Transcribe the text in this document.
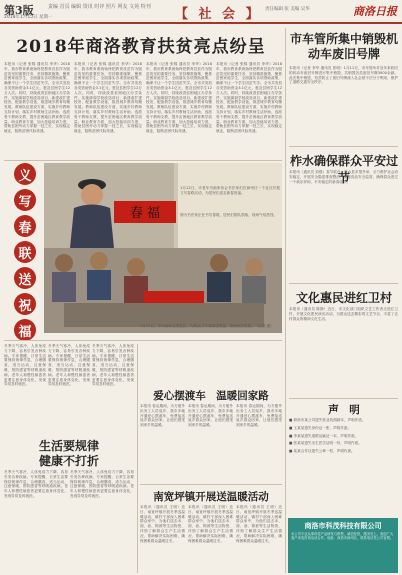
第3版	责编 首页 编辑 资讯 时评 照片 网友 文苑 特刊
2018年1月15日 星期一	【 社 会 】 责任编辑 张 美编 吴华	商洛日报
2018年商洛教育扶贫亮点纷呈
本报讯（记者 张锦 通讯员 李华）2018年，我市教育系统始终把教育扶贫作为脱贫攻坚的重要任务，坚持精准施策，聚焦贫困家庭学生，全面落实各项资助政策，确保不让一个学生因贫失学。全市共发放各类资助资金3.1亿元，惠及贫困学生12万人次。同时，持续改善贫困地区办学条件，实施薄弱学校改造项目，新建改扩建校舍，配备教学设备，推进城乡教育均衡发展。教师队伍建设方面，实施乡村教师支持计划，落实乡村教师生活补助，选派骨干教师支教，提升贫困地区教育教学质量。职业教育方面，加大技能培训力度，帮助贫困劳动力掌握一技之长，实现稳定就业，阻断贫困代际传递。
本报讯（记者 张锦 通讯员 李华）2018年，我市教育系统始终把教育扶贫作为脱贫攻坚的重要任务，坚持精准施策，聚焦贫困家庭学生，全面落实各项资助政策，确保不让一个学生因贫失学。全市共发放各类资助资金3.1亿元，惠及贫困学生12万人次。同时，持续改善贫困地区办学条件，实施薄弱学校改造项目，新建改扩建校舍，配备教学设备，推进城乡教育均衡发展。教师队伍建设方面，实施乡村教师支持计划，落实乡村教师生活补助，选派骨干教师支教，提升贫困地区教育教学质量。职业教育方面，加大技能培训力度，帮助贫困劳动力掌握一技之长，实现稳定就业，阻断贫困代际传递。
本报讯（记者 张锦 通讯员 李华）2018年，我市教育系统始终把教育扶贫作为脱贫攻坚的重要任务，坚持精准施策，聚焦贫困家庭学生，全面落实各项资助政策，确保不让一个学生因贫失学。全市共发放各类资助资金3.1亿元，惠及贫困学生12万人次。同时，持续改善贫困地区办学条件，实施薄弱学校改造项目，新建改扩建校舍，配备教学设备，推进城乡教育均衡发展。教师队伍建设方面，实施乡村教师支持计划，落实乡村教师生活补助，选派骨干教师支教，提升贫困地区教育教学质量。职业教育方面，加大技能培训力度，帮助贫困劳动力掌握一技之长，实现稳定就业，阻断贫困代际传递。
本报讯（记者 张锦 通讯员 李华）2018年，我市教育系统始终把教育扶贫作为脱贫攻坚的重要任务，坚持精准施策，聚焦贫困家庭学生，全面落实各项资助政策，确保不让一个学生因贫失学。全市共发放各类资助资金3.1亿元，惠及贫困学生12万人次。同时，持续改善贫困地区办学条件，实施薄弱学校改造项目，新建改扩建校舍，配备教学设备，推进城乡教育均衡发展。教师队伍建设方面，实施乡村教师支持计划，落实乡村教师生活补助，选派骨干教师支教，提升贫困地区教育教学质量。职业教育方面，加大技能培训力度，帮助贫困劳动力掌握一技之长，实现稳定就业，阻断贫困代际传递。
义
写
春
联
送
祝
福
春 福
1月12日，市老年书画家协会书法家们在商州区一个社区开展义写春联活动，为居民们送去新春祝福。
图为书法家正在书写春联，居民们排队领取，现场气氛热烈。
1月13日，市书画家走进社区，为群众义写春联送祝福，受到热烈欢迎。（记者 摄）
冬季天气寒冷，人体免疫力下降，容易引发各种疾病。专家提醒，日常生活要保持规律作息，合理膳食，适当运动，注意保暖，预防感冒等呼吸道疾病。老年人和慢性病患者更要注意身体变化，发现异常及时就医。
冬季天气寒冷，人体免疫力下降，容易引发各种疾病。专家提醒，日常生活要保持规律作息，合理膳食，适当运动，注意保暖，预防感冒等呼吸道疾病。老年人和慢性病患者更要注意身体变化，发现异常及时就医。
冬季天气寒冷，人体免疫力下降，容易引发各种疾病。专家提醒，日常生活要保持规律作息，合理膳食，适当运动，注意保暖，预防感冒等呼吸道疾病。老年人和慢性病患者更要注意身体变化，发现异常及时就医。
生活要规律
健康不打折
冬季天气寒冷，人体免疫力下降，容易引发各种疾病。专家提醒，日常生活要保持规律作息，合理膳食，适当运动，注意保暖，预防感冒等呼吸道疾病。老年人和慢性病患者更要注意身体变化，发现异常及时就医。
冬季天气寒冷，人体免疫力下降，容易引发各种疾病。专家提醒，日常生活要保持规律作息，合理膳食，适当运动，注意保暖，预防感冒等呼吸道疾病。老年人和慢性病患者更要注意身体变化，发现异常及时就医。
爱心摆渡车　温暖回家路
本报讯 春运期间，为方便外出务工人员返乡，我市多地开通爱心摆渡车，免费接送返乡群众回家，让他们感受到家乡的温暖。
本报讯 春运期间，为方便外出务工人员返乡，我市多地开通爱心摆渡车，免费接送返乡群众回家，让他们感受到家乡的温暖。
本报讯 春运期间，为方便外出务工人员返乡，我市多地开通爱心摆渡车，免费接送返乡群众回家，让他们感受到家乡的温暖。
南宽坪镇开展送温暖活动
本报讯（通讯员 王明）近日，南宽坪镇开展冬季送温暖活动，镇村干部深入困难群众家中，为他们送去米、面、油、棉被等生活物资，详细了解群众生产生活情况，帮助解决实际困难，确保困难群众温暖过冬。
本报讯（通讯员 王明）近日，南宽坪镇开展冬季送温暖活动，镇村干部深入困难群众家中，为他们送去米、面、油、棉被等生活物资，详细了解群众生产生活情况，帮助解决实际困难，确保困难群众温暖过冬。
本报讯（通讯员 王明）近日，南宽坪镇开展冬季送温暖活动，镇村干部深入困难群众家中，为他们送去米、面、油、棉被等生活物资，详细了解群众生产生活情况，帮助解决实际困难，确保困难群众温暖过冬。
市车管所集中销毁机动车废旧号牌
本报讯（记者 李华 通讯员 张明）1月11日，市车管所对近年来收回的机动车废旧号牌进行集中销毁，共销毁各类废旧号牌3000余副。此次集中销毁，有效防止了废旧号牌流入社会被不法分子利用，维护了道路交通安全秩序。
柞水确保群众平安过节
本报讯（通讯员 刘强）春节临近，柞水县多措并举，全力维护社会治安稳定，开展安全隐患排查整治，加强食品安全监管，确保群众度过一个欢乐祥和、平安稳定的新春佳节。
文化惠民进红卫村
本报讯（通讯员 陈静）近日，市文化部门组织文艺工作者走进红卫村，开展文化惠民演出活动，为群众送去精彩的文艺节目，丰富了农村群众的精神文化生活。
声　明
■ 商洛市某公司遗失营业执照副本，声明作废。
■ 王某某遗失身份证一张，声明作废。
■ 李某某遗失道路运输证一本，声明作废。
■ 张某某遗失出生医学证明一份，声明作废。
■ 某某合作社遗失公章一枚，声明作废。
商洛市科茂科技有限公司
本公司专业从事科技产品研发与销售，诚信经营，服务至上。欢迎广大客户来电咨询洽谈合作，地址：商洛市商州区，联系电话见公司官网。
